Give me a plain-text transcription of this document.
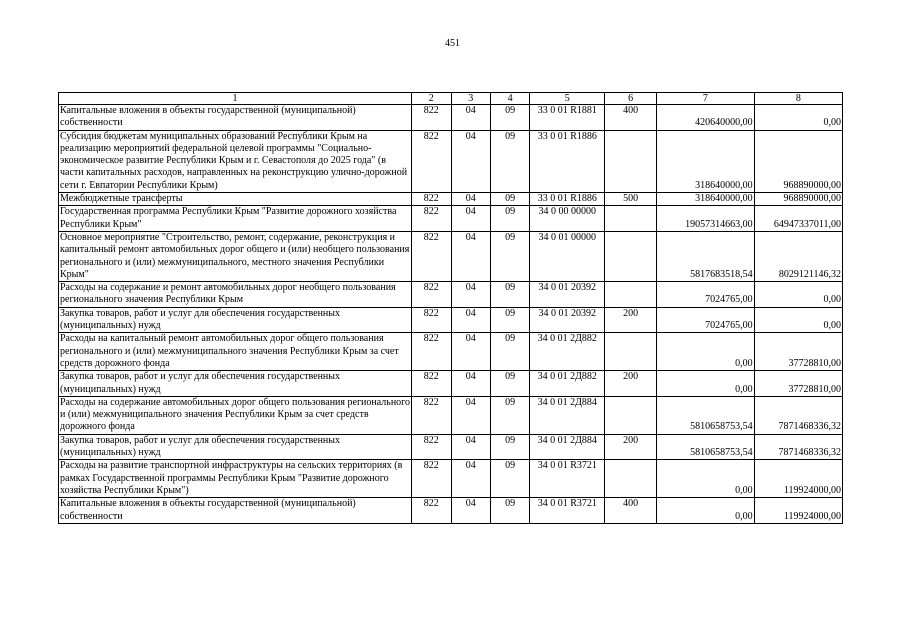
451
1	2	3	4	5	6	7	8
Капитальные вложения в объекты государственной (муниципальной) собственности	822	04	09	33 0 01 R1881	400	420640000,00	0,00
Субсидия бюджетам муниципальных образований Республики Крым на реализацию мероприятий федеральной целевой программы "Социально-экономическое развитие Республики Крым и г. Севастополя до 2025 года" (в части капитальных расходов, направленных на реконструкцию улично-дорожной сети г. Евпатории Республики Крым)	822	04	09	33 0 01 R1886		318640000,00	968890000,00
Межбюджетные трансферты	822	04	09	33 0 01 R1886	500	318640000,00	968890000,00
Государственная программа Республики Крым "Развитие дорожного хозяйства Республики Крым"	822	04	09	34 0 00 00000		19057314663,00	64947337011,00
Основное мероприятие "Строительство, ремонт, содержание, реконструкция и капитальный ремонт автомобильных дорог общего и (или) необщего пользования регионального и (или) межмуниципального, местного значения Республики Крым"	822	04	09	34 0 01 00000		5817683518,54	8029121146,32
Расходы на содержание и ремонт автомобильных дорог необщего пользования регионального значения Республики Крым	822	04	09	34 0 01 20392		7024765,00	0,00
Закупка товаров, работ и услуг для обеспечения государственных (муниципальных) нужд	822	04	09	34 0 01 20392	200	7024765,00	0,00
Расходы на капитальный ремонт автомобильных дорог общего пользования регионального и (или) межмуниципального значения Республики Крым за счет средств дорожного фонда	822	04	09	34 0 01 2Д882		0,00	37728810,00
Закупка товаров, работ и услуг для обеспечения государственных (муниципальных) нужд	822	04	09	34 0 01 2Д882	200	0,00	37728810,00
Расходы на содержание автомобильных дорог общего пользования регионального и (или) межмуниципального значения Республики Крым за счет средств дорожного фонда	822	04	09	34 0 01 2Д884		5810658753,54	7871468336,32
Закупка товаров, работ и услуг для обеспечения государственных (муниципальных) нужд	822	04	09	34 0 01 2Д884	200	5810658753,54	7871468336,32
Расходы на развитие транспортной инфраструктуры на сельских территориях (в рамках Государственной программы Республики Крым "Развитие дорожного хозяйства Республики Крым")	822	04	09	34 0 01 R3721		0,00	119924000,00
Капитальные вложения в объекты государственной (муниципальной) собственности	822	04	09	34 0 01 R3721	400	0,00	119924000,00
